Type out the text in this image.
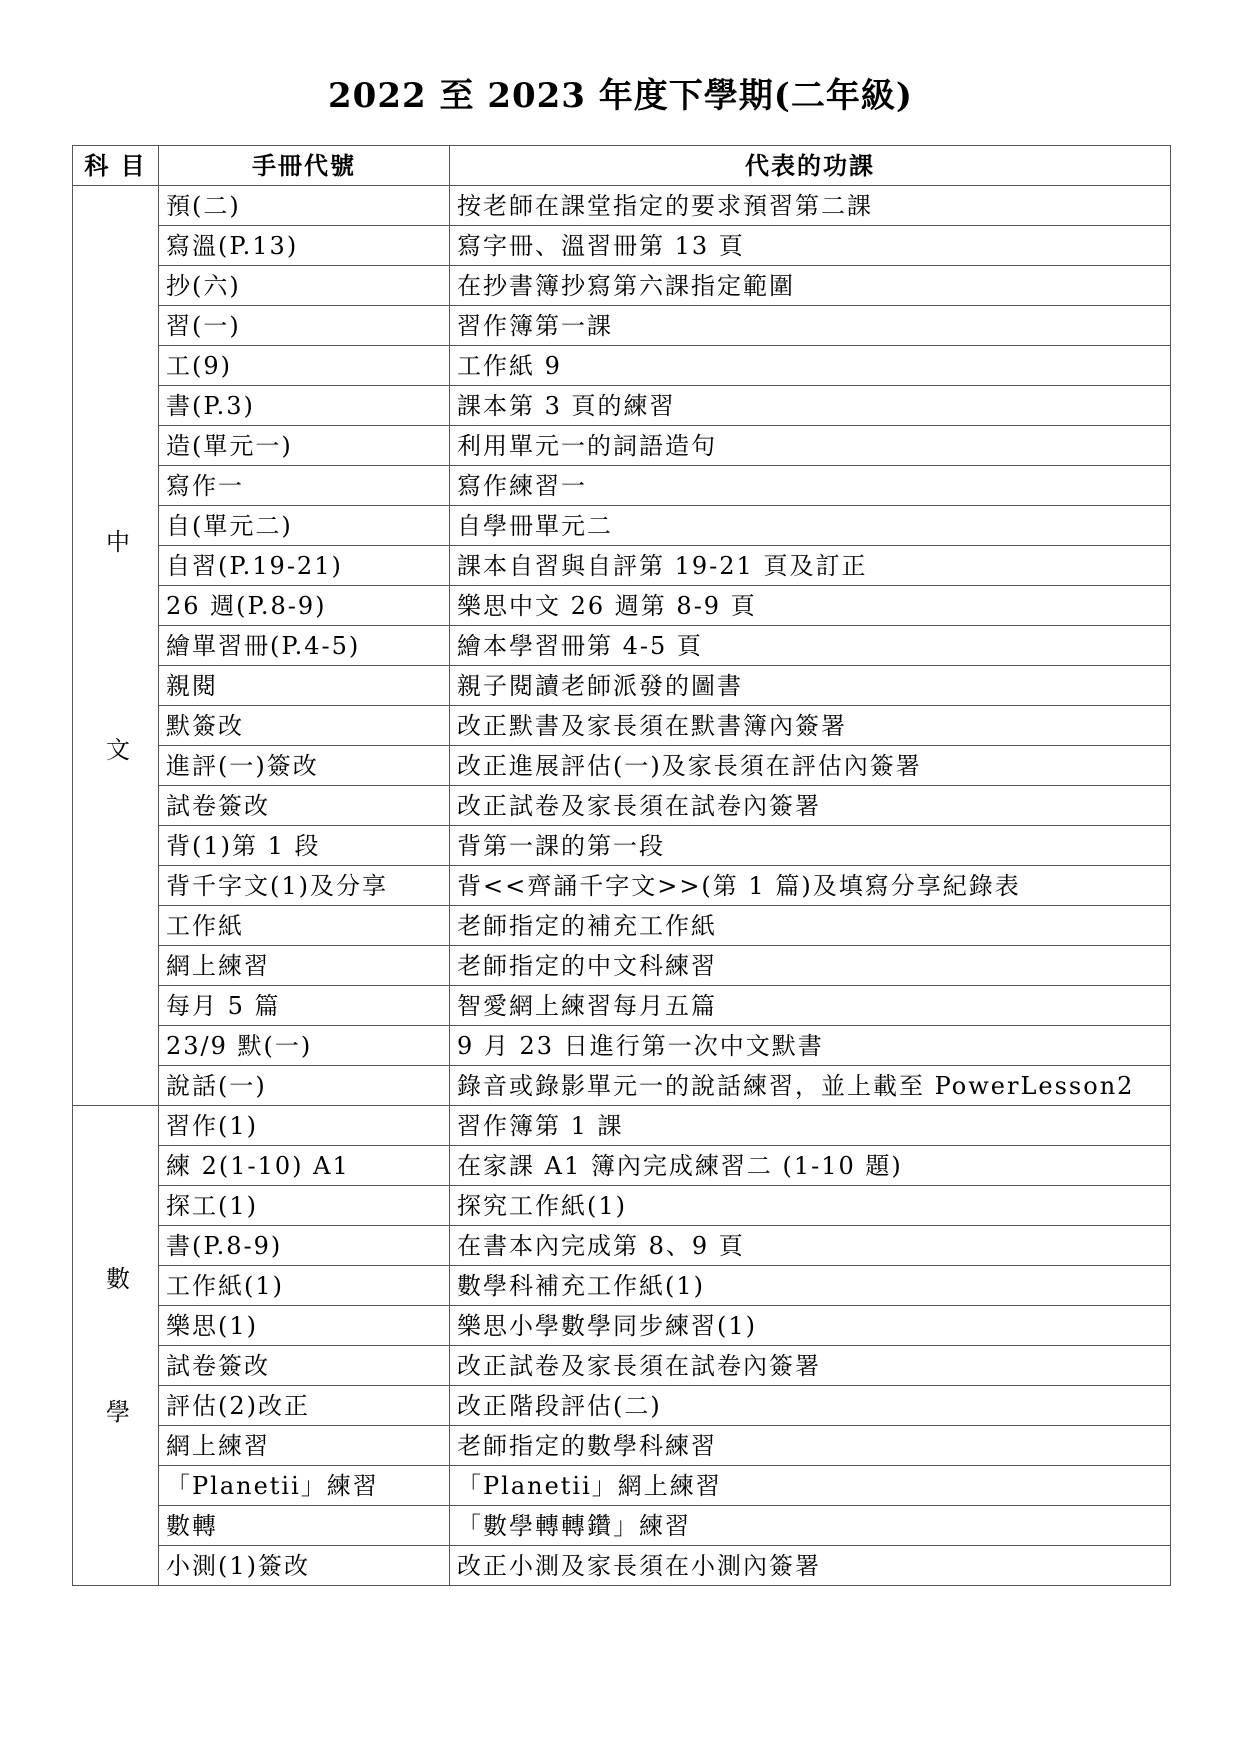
2022 至 2023 年度下學期(二年級)
科 目	手冊代號	代表的功課

中
文	預(二)	按老師在課堂指定的要求預習第二課
	寫溫(P.13)	寫字冊、溫習冊第 13 頁
	抄(六)	在抄書簿抄寫第六課指定範圍
	習(一)	習作簿第一課
	工(9)	工作紙 9
	書(P.3)	課本第 3 頁的練習
	造(單元一)	利用單元一的詞語造句
	寫作一	寫作練習一
	自(單元二)	自學冊單元二
	自習(P.19-21)	課本自習與自評第 19-21 頁及訂正
	26 週(P.8-9)	樂思中文 26 週第 8-9 頁
	繪單習冊(P.4-5)	繪本學習冊第 4-5 頁
	親閱	親子閱讀老師派發的圖書
	默簽改	改正默書及家長須在默書簿內簽署
	進評(一)簽改	改正進展評估(一)及家長須在評估內簽署
	試卷簽改	改正試卷及家長須在試卷內簽署
	背(1)第 1 段	背第一課的第一段
	背千字文(1)及分享	背<<齊誦千字文>>(第 1 篇)及填寫分享紀錄表
	工作紙	老師指定的補充工作紙
	網上練習	老師指定的中文科練習
	每月 5 篇	智愛網上練習每月五篇
	23/9 默(一)	9 月 23 日進行第一次中文默書
	說話(一)	錄音或錄影單元一的說話練習，並上載至 PowerLesson2

數
學	習作(1)	習作簿第 1 課
	練 2(1-10) A1	在家課 A1 簿內完成練習二 (1-10 題)
	探工(1)	探究工作紙(1)
	書(P.8-9)	在書本內完成第 8、9 頁
	工作紙(1)	數學科補充工作紙(1)
	樂思(1)	樂思小學數學同步練習(1)
	試卷簽改	改正試卷及家長須在試卷內簽署
	評估(2)改正	改正階段評估(二)
	網上練習	老師指定的數學科練習
	「Planetii」練習	「Planetii」網上練習
	數轉	「數學轉轉鑽」練習
	小測(1)簽改	改正小測及家長須在小測內簽署
